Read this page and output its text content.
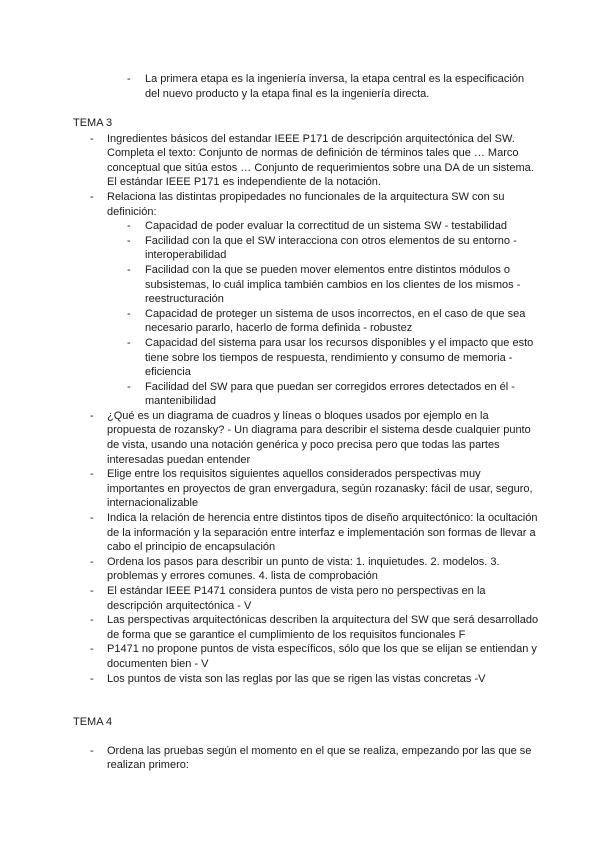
- La primera etapa es la ingeniería inversa, la etapa central es la especificación del nuevo producto y la etapa final es la ingeniería directa.
TEMA 3
- Ingredientes básicos del estandar IEEE P171 de descripción arquitectónica del SW. Completa el texto: Conjunto de normas de definición de términos tales que … Marco conceptual que sitúa estos … Conjunto de requerimientos sobre una DA de un sistema. El estándar IEEE P171 es independiente de la notación.
- Relaciona las distintas propipedades no funcionales de la arquitectura SW con su definición:
- Capacidad de poder evaluar la correctitud de un sistema SW - testabilidad
- Facilidad con la que el SW interacciona con otros elementos de su entorno - interoperabilidad
- Facilidad con la que se pueden mover elementos entre distintos módulos o subsistemas, lo cuál implica también cambios en los clientes de los mismos - reestructuración
- Capacidad de proteger un sistema de usos incorrectos, en el caso de que sea necesario pararlo, hacerlo de forma definida - robustez
- Capacidad del sistema para usar los recursos disponibles y el impacto que esto tiene sobre los tiempos de respuesta, rendimiento y consumo de memoria - eficiencia
- Facilidad del SW para que puedan ser corregidos errores detectados en él - mantenibilidad
- ¿Qué es un diagrama de cuadros y líneas o bloques usados por ejemplo en la propuesta de rozansky? - Un diagrama para describir el sistema desde cualquier punto de vista, usando una notación genérica y poco precisa pero que todas las partes interesadas puedan entender
- Elige entre los requisitos siguientes aquellos considerados perspectivas muy importantes en proyectos de gran envergadura, según rozanasky: fácil de usar, seguro, internacionalizable
- Indica la relación de herencia entre distintos tipos de diseño arquitectónico: la ocultación de la información y la separación entre interfaz e implementación son formas de llevar a cabo el principio de encapsulación
- Ordena los pasos para describir un punto de vista: 1. inquietudes. 2. modelos. 3. problemas y errores comunes. 4. lista de comprobación
- El estándar IEEE P1471 considera puntos de vista pero no perspectivas en la descripción arquitectónica - V
- Las perspectivas arquitectónicas describen la arquitectura del SW que será desarrollado de forma que se garantice el cumplimiento de los requisitos funcionales F
- P1471 no propone puntos de vista específicos, sólo que los que se elijan se entiendan y documenten bien - V
- Los puntos de vista son las reglas por las que se rigen las vistas concretas -V
TEMA 4
- Ordena las pruebas según el momento en el que se realiza, empezando por las que se realizan primero:
